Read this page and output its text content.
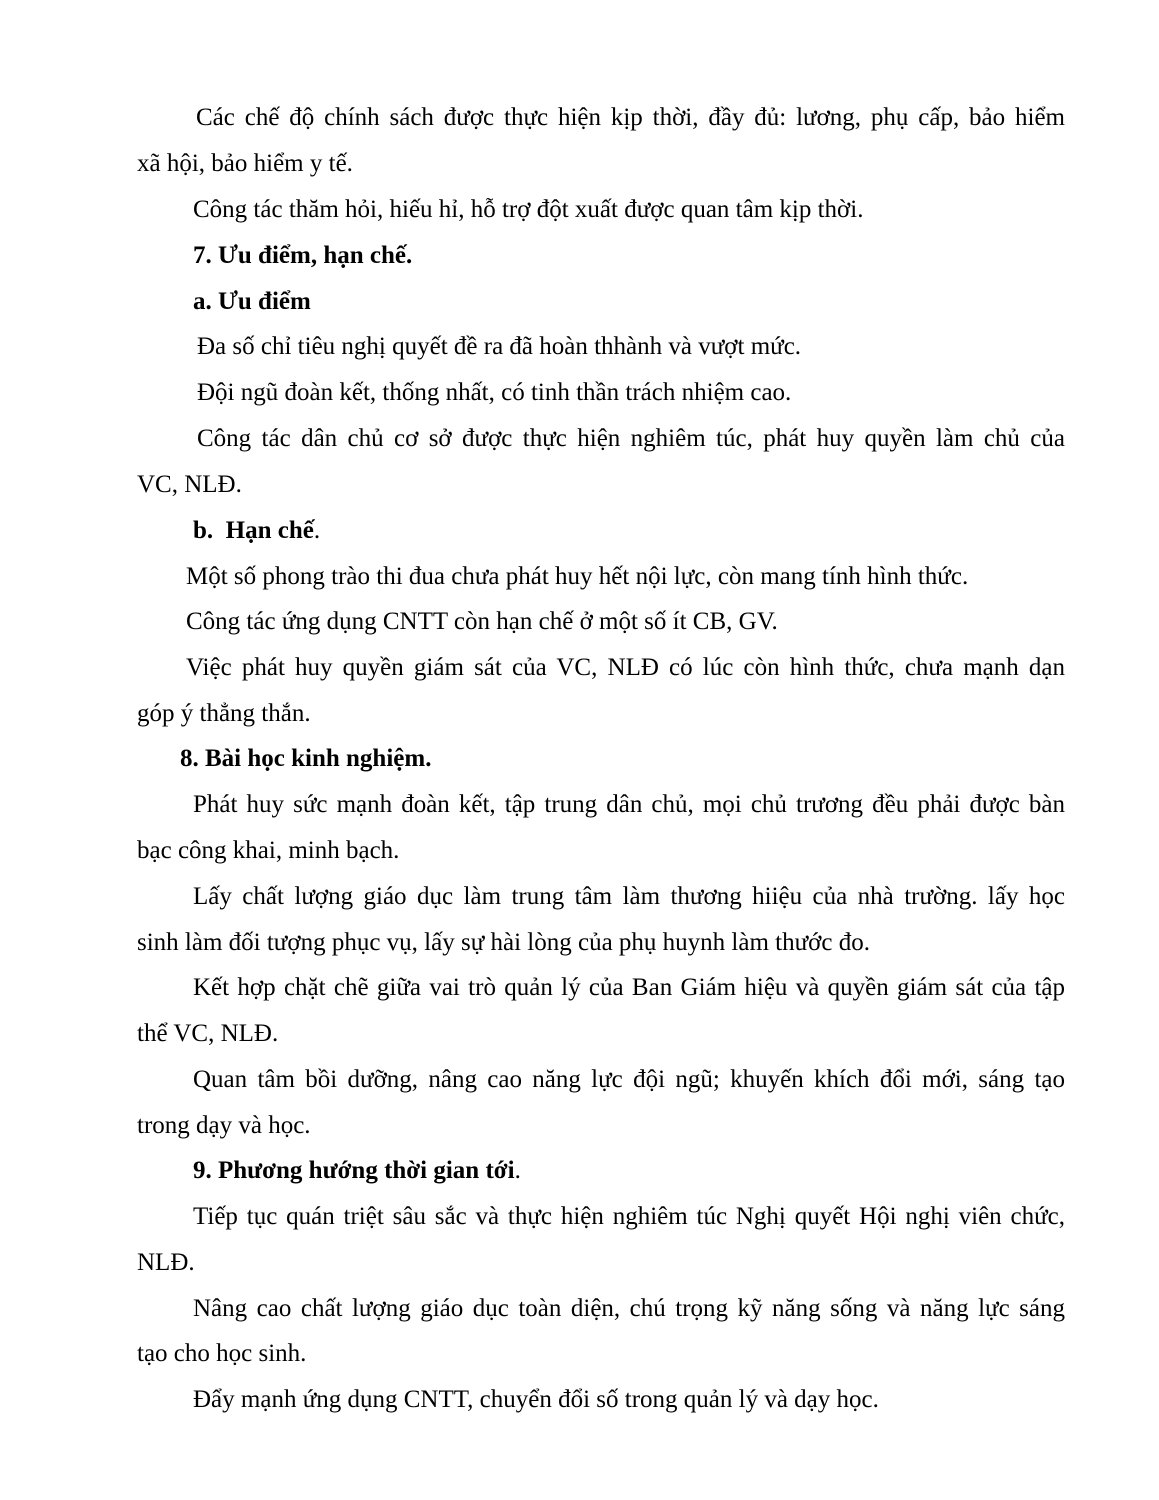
Các chế độ chính sách được thực hiện kịp thời, đầy đủ: lương, phụ cấp, bảo hiểm

xã hội, bảo hiểm y tế.

Công tác thăm hỏi, hiếu hỉ, hỗ trợ đột xuất được quan tâm kịp thời.

7. Ưu điểm, hạn chế.

a. Ưu điểm

Đa số chỉ tiêu nghị quyết đề ra đã hoàn thhành và vượt mức.

Đội ngũ đoàn kết, thống nhất, có tinh thần trách nhiệm cao.

Công tác dân chủ cơ sở được thực hiện nghiêm túc, phát huy quyền làm chủ của

VC, NLĐ.

b.  Hạn chế.

Một số phong trào thi đua chưa phát huy hết nội lực, còn mang tính hình thức.

Công tác ứng dụng CNTT còn hạn chế ở một số ít CB, GV.

Việc phát huy quyền giám sát của VC, NLĐ có lúc còn hình thức, chưa mạnh dạn

góp ý thẳng thắn.

8. Bài học kinh nghiệm.

Phát huy sức mạnh đoàn kết, tập trung dân chủ, mọi chủ trương đều phải được bàn

bạc công khai, minh bạch.

Lấy chất lượng giáo dục làm trung tâm làm thương hiiệu của nhà trường. lấy học

sinh làm đối tượng phục vụ, lấy sự hài lòng của phụ huynh làm thước đo.

Kết hợp chặt chẽ giữa vai trò quản lý của Ban Giám hiệu và quyền giám sát của tập

thể VC, NLĐ.

Quan tâm bồi dưỡng, nâng cao năng lực đội ngũ; khuyến khích đổi mới, sáng tạo

trong dạy và học.

9. Phương hướng thời gian tới.

Tiếp tục quán triệt sâu sắc và thực hiện nghiêm túc Nghị quyết Hội nghị viên chức,

NLĐ.

Nâng cao chất lượng giáo dục toàn diện, chú trọng kỹ năng sống và năng lực sáng

tạo cho học sinh.

Đẩy mạnh ứng dụng CNTT, chuyển đổi số trong quản lý và dạy học.
